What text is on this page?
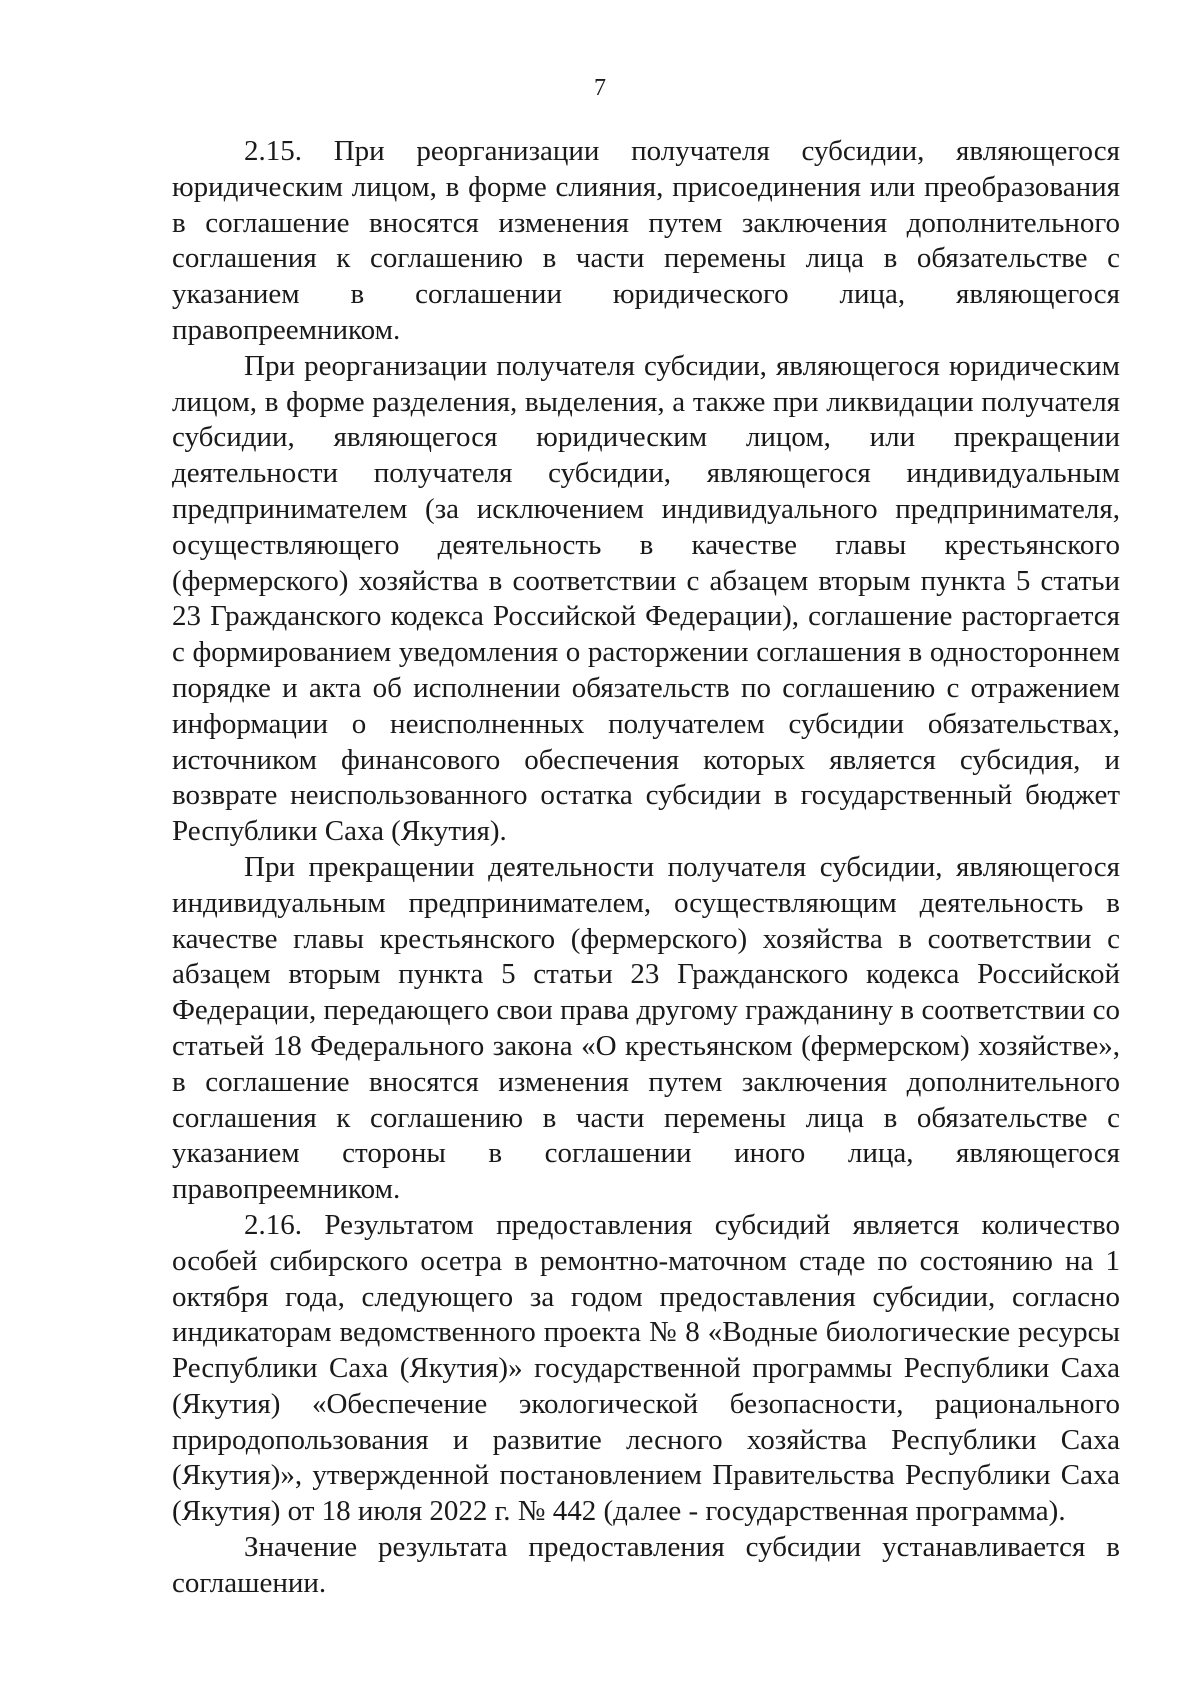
7

2.15. При реорганизации получателя субсидии, являющегося юридическим лицом, в форме слияния, присоединения или преобразования в соглашение вносятся изменения путем заключения дополнительного соглашения к соглашению в части перемены лица в обязательстве с указанием в соглашении юридического лица, являющегося правопреемником.

При реорганизации получателя субсидии, являющегося юридическим лицом, в форме разделения, выделения, а также при ликвидации получателя субсидии, являющегося юридическим лицом, или прекращении деятельности получателя субсидии, являющегося индивидуальным предпринимателем (за исключением индивидуального предпринимателя, осуществляющего деятельность в качестве главы крестьянского (фермерского) хозяйства в соответствии с абзацем вторым пункта 5 статьи 23 Гражданского кодекса Российской Федерации), соглашение расторгается с формированием уведомления о расторжении соглашения в одностороннем порядке и акта об исполнении обязательств по соглашению с отражением информации о неисполненных получателем субсидии обязательствах, источником финансового обеспечения которых является субсидия, и возврате неиспользованного остатка субсидии в государственный бюджет Республики Саха (Якутия).

При прекращении деятельности получателя субсидии, являющегося индивидуальным предпринимателем, осуществляющим деятельность в качестве главы крестьянского (фермерского) хозяйства в соответствии с абзацем вторым пункта 5 статьи 23 Гражданского кодекса Российской Федерации, передающего свои права другому гражданину в соответствии со статьей 18 Федерального закона «О крестьянском (фермерском) хозяйстве», в соглашение вносятся изменения путем заключения дополнительного соглашения к соглашению в части перемены лица в обязательстве с указанием стороны в соглашении иного лица, являющегося правопреемником.

2.16. Результатом предоставления субсидий является количество особей сибирского осетра в ремонтно-маточном стаде по состоянию на 1 октября года, следующего за годом предоставления субсидии, согласно индикаторам ведомственного проекта № 8 «Водные биологические ресурсы Республики Саха (Якутия)» государственной программы Республики Саха (Якутия) «Обеспечение экологической безопасности, рационального природопользования и развитие лесного хозяйства Республики Саха (Якутия)», утвержденной постановлением Правительства Республики Саха (Якутия) от 18 июля 2022 г. № 442 (далее - государственная программа).

Значение результата предоставления субсидии устанавливается в соглашении.
